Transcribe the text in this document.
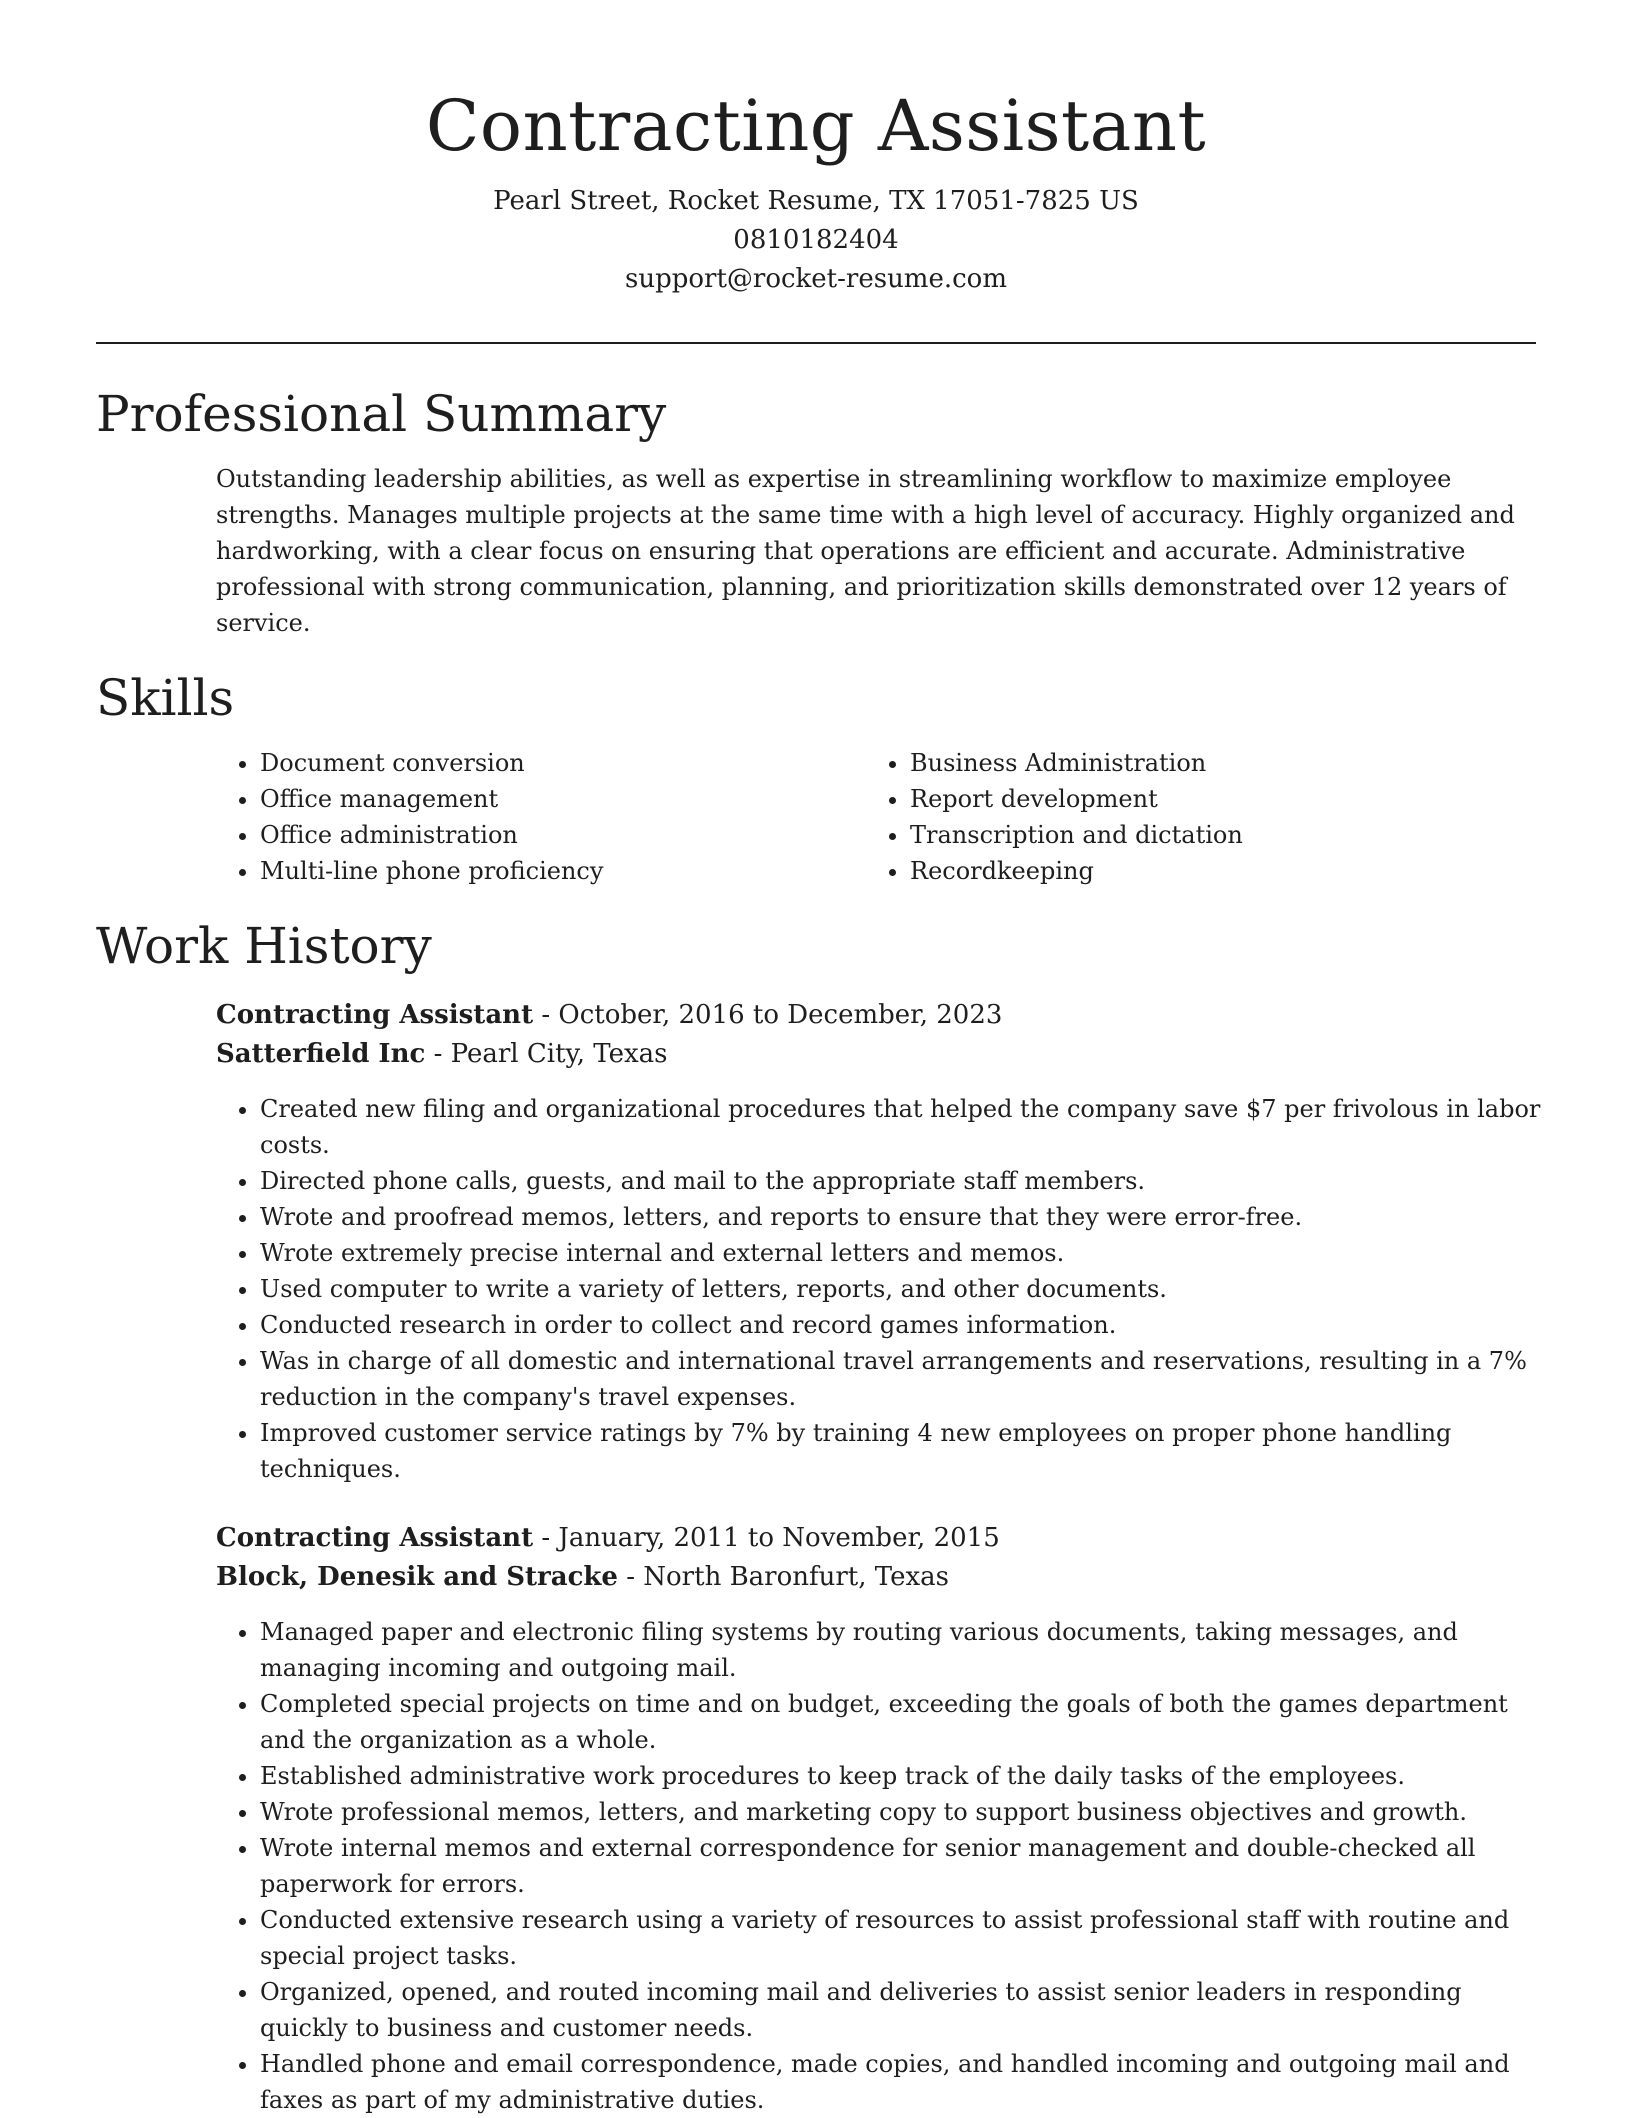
Contracting Assistant
Pearl Street, Rocket Resume, TX 17051-7825 US
0810182404
support@rocket-resume.com
Professional Summary

Outstanding leadership abilities, as well as expertise in streamlining workflow to maximize employee strengths. Manages multiple projects at the same time with a high level of accuracy. Highly organized and hardworking, with a clear focus on ensuring that operations are efficient and accurate. Administrative professional with strong communication, planning, and prioritization skills demonstrated over 12 years of service.

Skills
• Document conversion
• Office management
• Office administration
• Multi-line phone proficiency
• Business Administration
• Report development
• Transcription and dictation
• Recordkeeping
Work History
Contracting Assistant - October, 2016 to December, 2023
Satterfield Inc - Pearl City, Texas
• Created new filing and organizational procedures that helped the company save $7 per frivolous in labor costs.
• Directed phone calls, guests, and mail to the appropriate staff members.
• Wrote and proofread memos, letters, and reports to ensure that they were error-free.
• Wrote extremely precise internal and external letters and memos.
• Used computer to write a variety of letters, reports, and other documents.
• Conducted research in order to collect and record games information.
• Was in charge of all domestic and international travel arrangements and reservations, resulting in a 7% reduction in the company's travel expenses.
• Improved customer service ratings by 7% by training 4 new employees on proper phone handling techniques.
Contracting Assistant - January, 2011 to November, 2015
Block, Denesik and Stracke - North Baronfurt, Texas
• Managed paper and electronic filing systems by routing various documents, taking messages, and managing incoming and outgoing mail.
• Completed special projects on time and on budget, exceeding the goals of both the games department and the organization as a whole.
• Established administrative work procedures to keep track of the daily tasks of the employees.
• Wrote professional memos, letters, and marketing copy to support business objectives and growth.
• Wrote internal memos and external correspondence for senior management and double-checked all paperwork for errors.
• Conducted extensive research using a variety of resources to assist professional staff with routine and special project tasks.
• Organized, opened, and routed incoming mail and deliveries to assist senior leaders in responding quickly to business and customer needs.
• Handled phone and email correspondence, made copies, and handled incoming and outgoing mail and faxes as part of my administrative duties.
